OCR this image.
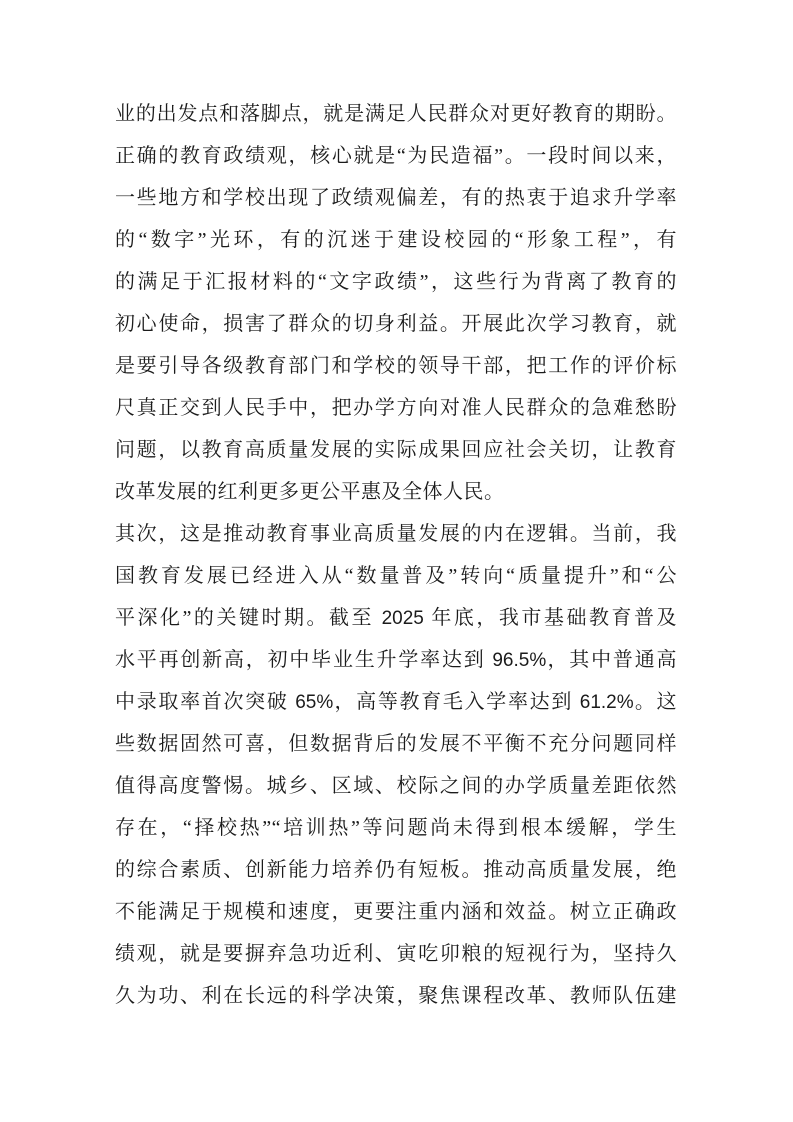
业的出发点和落脚点，就是满足人民群众对更好教育的期盼。
正确的教育政绩观，核心就是“为民造福”。一段时间以来，
一些地方和学校出现了政绩观偏差，有的热衷于追求升学率
的“数字”光环，有的沉迷于建设校园的“形象工程”，有
的满足于汇报材料的“文字政绩”，这些行为背离了教育的
初心使命，损害了群众的切身利益。开展此次学习教育，就
是要引导各级教育部门和学校的领导干部，把工作的评价标
尺真正交到人民手中，把办学方向对准人民群众的急难愁盼
问题，以教育高质量发展的实际成果回应社会关切，让教育
改革发展的红利更多更公平惠及全体人民。
其次，这是推动教育事业高质量发展的内在逻辑。当前，我
国教育发展已经进入从“数量普及”转向“质量提升”和“公
平深化”的关键时期。截至 2025 年底，我市基础教育普及
水平再创新高，初中毕业生升学率达到 96.5%，其中普通高
中录取率首次突破 65%，高等教育毛入学率达到 61.2%。这
些数据固然可喜，但数据背后的发展不平衡不充分问题同样
值得高度警惕。城乡、区域、校际之间的办学质量差距依然
存在，“择校热”“培训热”等问题尚未得到根本缓解，学生
的综合素质、创新能力培养仍有短板。推动高质量发展，绝
不能满足于规模和速度，更要注重内涵和效益。树立正确政
绩观，就是要摒弃急功近利、寅吃卯粮的短视行为，坚持久
久为功、利在长远的科学决策，聚焦课程改革、教师队伍建
